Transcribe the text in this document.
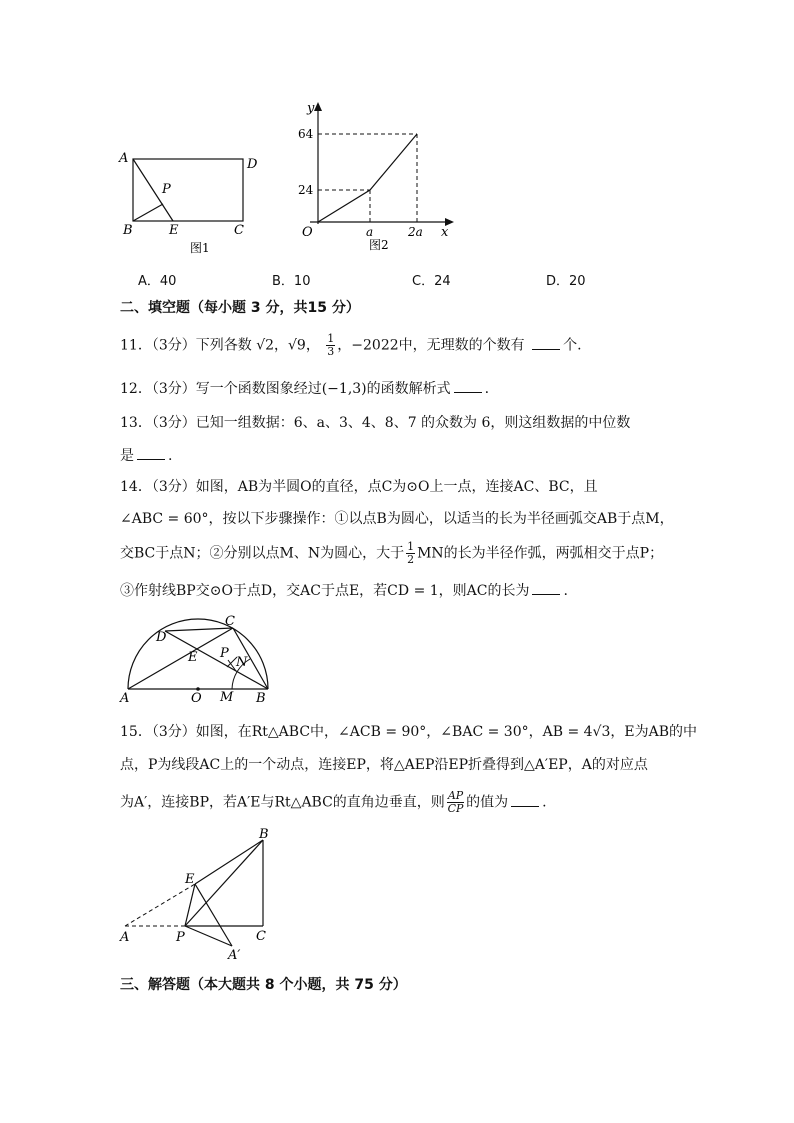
A	D
P
B	E	C
图1
y
64
24
O	a	2a x
图2
A．40	B．10	C．24	D．20
二、填空题（每小题 3 分，共15 分）
11．（3分）下列各数 √2，√9， $\frac{1}{3}$ ，−2022中，无理数的个数有	个.
12．（3分）写一个函数图象经过(−1,3)的函数解析式 .
13．（3分）已知一组数据：6、a、3、4、8、7 的众数为 6，则这组数据的中位数
是 .
14．（3分）如图，AB为半圆O的直径，点C为⊙O上一点，连接AC、BC，且
∠ABC = 60°，按以下步骤操作：①以点B为圆心，以适当的长为半径画弧交AB于点M，
交BC于点N；②分别以点M、N为圆心，大于 $\frac{1}{2}$ MN的长为半径作弧，两弧相交于点P；
③作射线BP交⊙O于点D，交AC于点E，若CD = 1，则AC的长为 .
C
D
E P
N
A	O M B
15．（3分）如图，在Rt△ABC中，∠ACB = 90°，∠BAC = 30°，AB = 4√3，E为AB的中
点，P为线段AC上的一个动点，连接EP，将△AEP沿EP折叠得到△A′EP，A的对应点
为A′，连接BP，若A′E与Rt△ABC的直角边垂直，则 $\frac{AP}{CP}$ 的值为 .
B
E
A	P	C
A′
三、解答题（本大题共 8 个小题，共 75 分）
